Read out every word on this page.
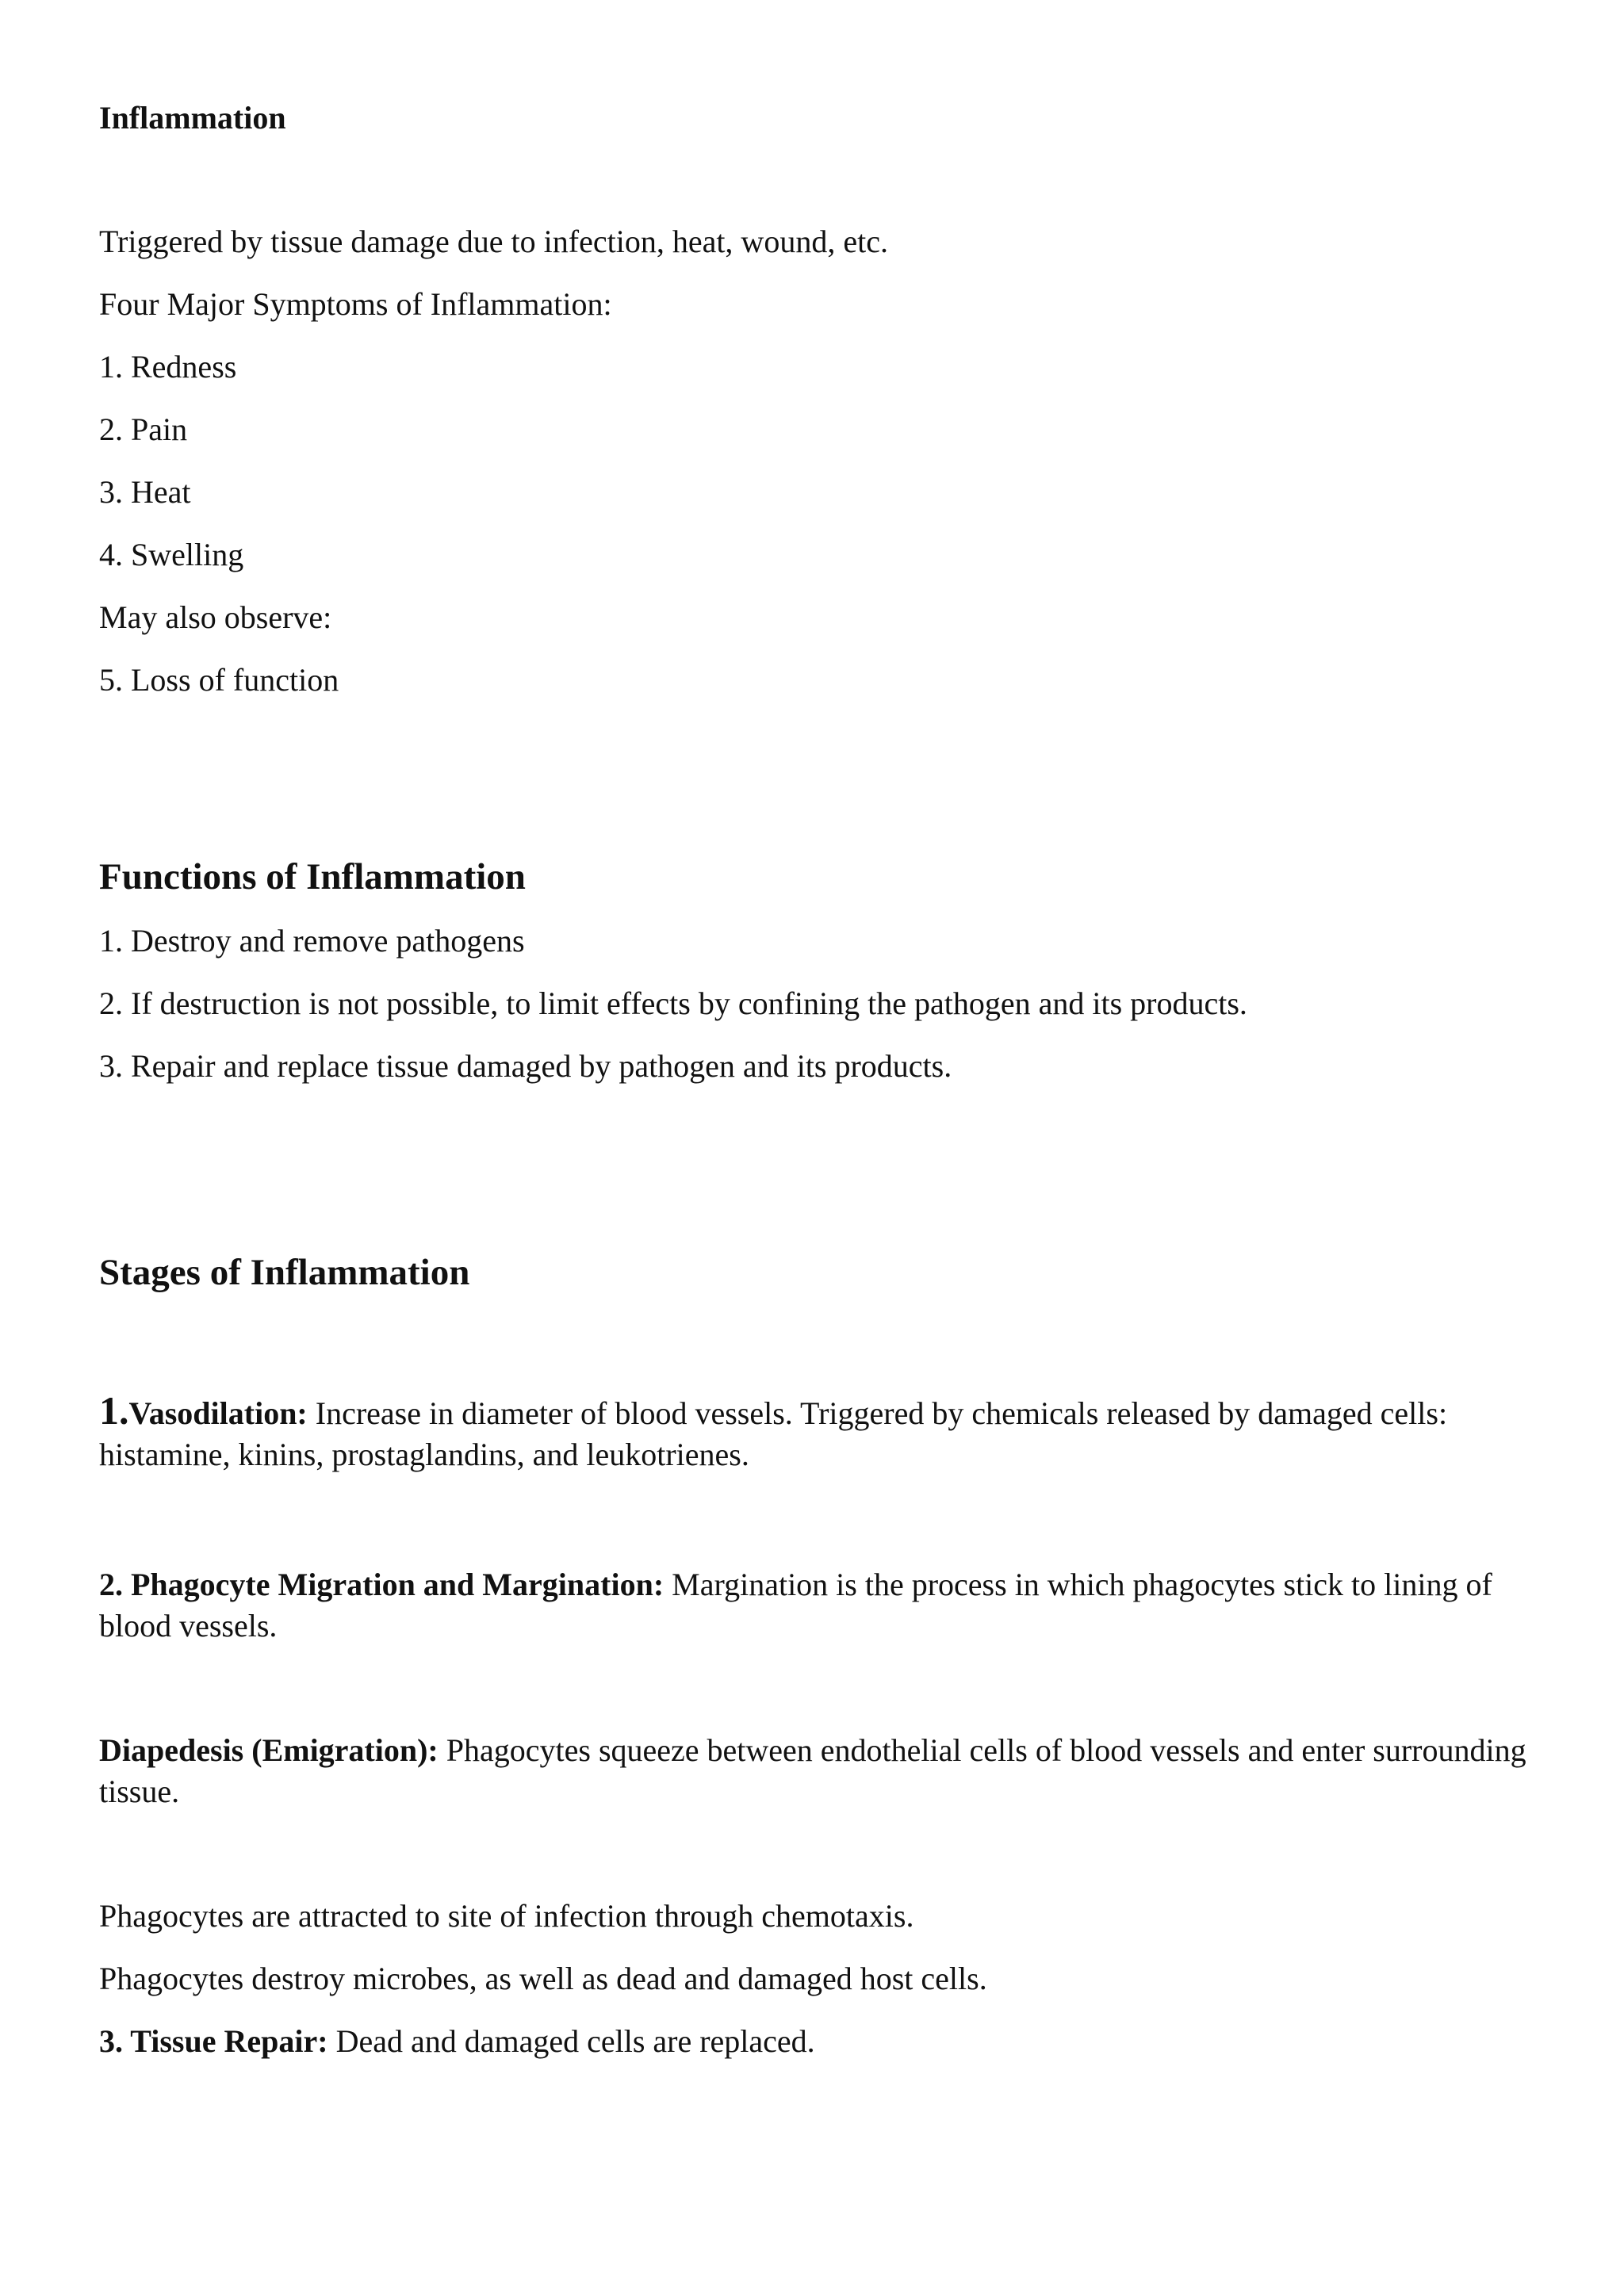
Inflammation

Triggered by tissue damage due to infection, heat, wound, etc.

Four Major Symptoms of Inflammation:

1. Redness

2. Pain

3. Heat

4. Swelling

May also observe:

5. Loss of function

Functions of Inflammation

1. Destroy and remove pathogens

2. If destruction is not possible, to limit effects by confining the pathogen and its products.

3. Repair and replace tissue damaged by pathogen and its products.

Stages of Inflammation

1.Vasodilation: Increase in diameter of blood vessels. Triggered by chemicals released by damaged cells: histamine, kinins, prostaglandins, and leukotrienes.

2. Phagocyte Migration and Margination: Margination is the process in which phagocytes stick to lining of blood vessels.

Diapedesis (Emigration): Phagocytes squeeze between endothelial cells of blood vessels and enter surrounding tissue.

Phagocytes are attracted to site of infection through chemotaxis.

Phagocytes destroy microbes, as well as dead and damaged host cells.

3. Tissue Repair: Dead and damaged cells are replaced.
